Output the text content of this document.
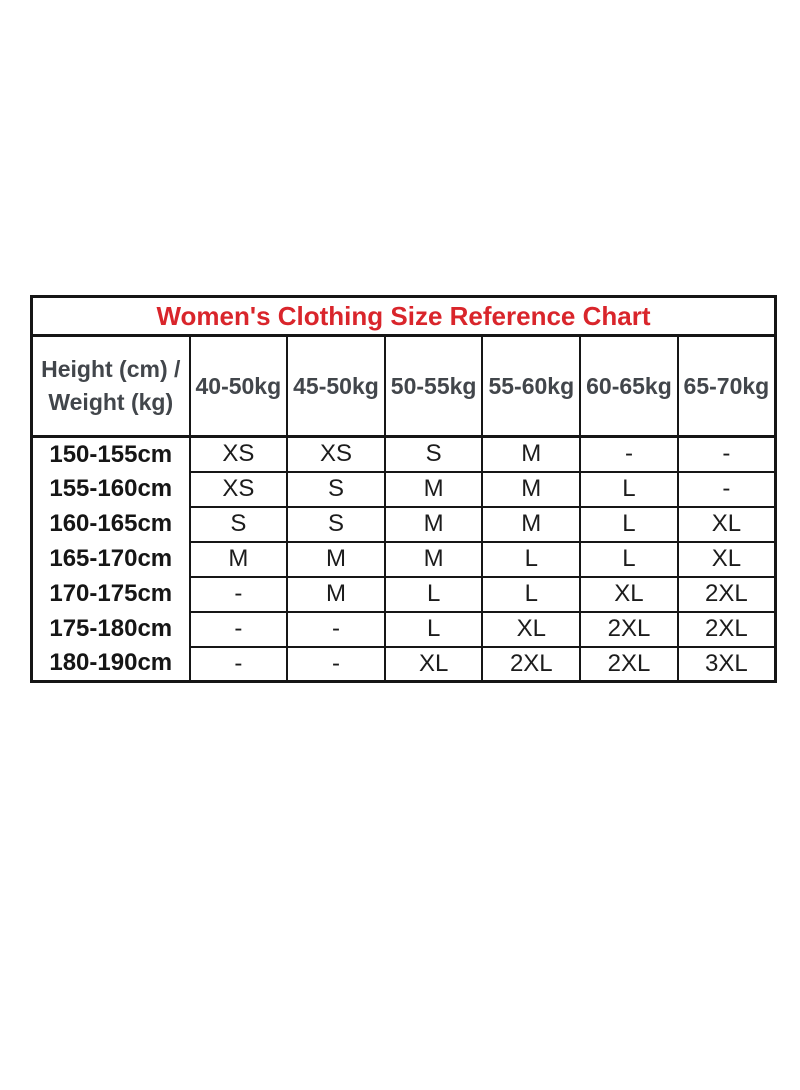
Women's Clothing Size Reference Chart						

Height (cm) /
Weight (kg)	40-50kg	45-50kg	50-55kg	55-60kg	60-65kg	65-70kg
150-155cm	XS	XS	S	M	-	-
155-160cm	XS	S	M	M	L	-
160-165cm	S	S	M	M	L	XL
165-170cm	M	M	M	L	L	XL
170-175cm	-	M	L	L	XL	2XL
175-180cm	-	-	L	XL	2XL	2XL
180-190cm	-	-	XL	2XL	2XL	3XL
